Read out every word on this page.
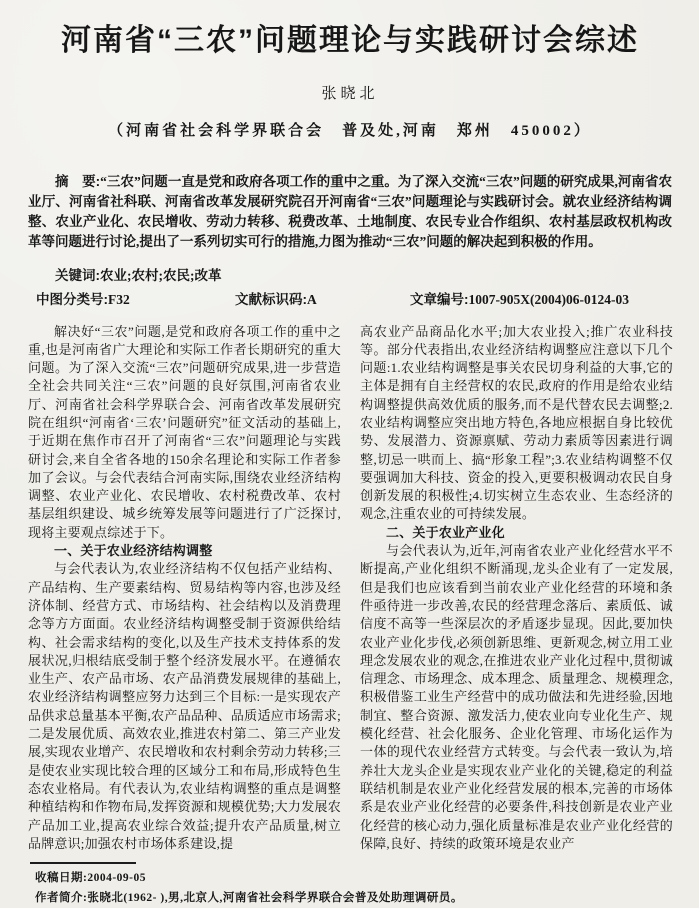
河南省“三农”问题理论与实践研讨会综述
张晓北
（河南省社会科学界联合会　普及处,河南　郑州　450002）

摘　要:“三农”问题一直是党和政府各项工作的重中之重。为了深入交流“三农”问题的研究成果,河南省农业厅、河南省社科联、河南省改革发展研究院召开河南省“三农”问题理论与实践研讨会。就农业经济结构调整、农业产业化、农民增收、劳动力转移、税费改革、土地制度、农民专业合作组织、农村基层政权机构改革等问题进行讨论,提出了一系列切实可行的措施,力图为推动“三农”问题的解决起到积极的作用。

关键词:农业;农村;农民;改革
中图分类号:F32	文献标识码:A	文章编号:1007-905X(2004)06-0124-03

解决好“三农”问题,是党和政府各项工作的重中之重,也是河南省广大理论和实际工作者长期研究的重大问题。为了深入交流“三农”问题研究成果,进一步营造全社会共同关注“三农”问题的良好氛围,河南省农业厅、河南省社会科学界联合会、河南省改革发展研究院在组织“河南省‘三农’问题研究”征文活动的基础上,于近期在焦作市召开了河南省“三农”问题理论与实践研讨会,来自全省各地的150余名理论和实际工作者参加了会议。与会代表结合河南实际,围绕农业经济结构调整、农业产业化、农民增收、农村税费改革、农村基层组织建设、城乡统筹发展等问题进行了广泛探讨,现将主要观点综述于下。

一、关于农业经济结构调整

与会代表认为,农业经济结构不仅包括产业结构、产品结构、生产要素结构、贸易结构等内容,也涉及经济体制、经营方式、市场结构、社会结构以及消费理念等方方面面。农业经济结构调整受制于资源供给结构、社会需求结构的变化,以及生产技术支持体系的发展状况,归根结底受制于整个经济发展水平。在遵循农业生产、农产品市场、农产品消费发展规律的基础上,农业经济结构调整应努力达到三个目标:一是实现农产品供求总量基本平衡,农产品品种、品质适应市场需求;二是发展优质、高效农业,推进农村第二、第三产业发展,实现农业增产、农民增收和农村剩余劳动力转移;三是使农业实现比较合理的区域分工和布局,形成特色生态农业格局。有代表认为,农业结构调整的重点是调整种植结构和作物布局,发挥资源和规模优势;大力发展农产品加工业,提高农业综合效益;提升农产品质量,树立品牌意识;加强农村市场体系建设,提

高农业产品商品化水平;加大农业投入;推广农业科技等。部分代表指出,农业经济结构调整应注意以下几个问题:1.农业结构调整是事关农民切身利益的大事,它的主体是拥有自主经营权的农民,政府的作用是给农业结构调整提供高效优质的服务,而不是代替农民去调整;2.农业结构调整应突出地方特色,各地应根据自身比较优势、发展潜力、资源禀赋、劳动力素质等因素进行调整,切忌一哄而上、搞“形象工程”;3.农业结构调整不仅要强调加大科技、资金的投入,更要积极调动农民自身创新发展的积极性;4.切实树立生态农业、生态经济的观念,注重农业的可持续发展。

二、关于农业产业化

与会代表认为,近年,河南省农业产业化经营水平不断提高,产业化组织不断涌现,龙头企业有了一定发展,但是我们也应该看到当前农业产业化经营的环境和条件亟待进一步改善,农民的经营理念落后、素质低、诚信度不高等一些深层次的矛盾逐步显现。因此,要加快农业产业化步伐,必须创新思维、更新观念,树立用工业理念发展农业的观念,在推进农业产业化过程中,贯彻诚信理念、市场理念、成本理念、质量理念、规模理念,积极借鉴工业生产经营中的成功做法和先进经验,因地制宜、整合资源、激发活力,使农业向专业化生产、规模化经营、社会化服务、企业化管理、市场化运作为一体的现代农业经营方式转变。与会代表一致认为,培养壮大龙头企业是实现农业产业化的关键,稳定的利益联结机制是农业产业化经营发展的根本,完善的市场体系是农业产业化经营的必要条件,科技创新是农业产业化经营的核心动力,强化质量标准是农业产业化经营的保障,良好、持续的政策环境是农业产

收稿日期:2004-09-05

作者简介:张晓北(1962- ),男,北京人,河南省社会科学界联合会普及处助理调研员。
